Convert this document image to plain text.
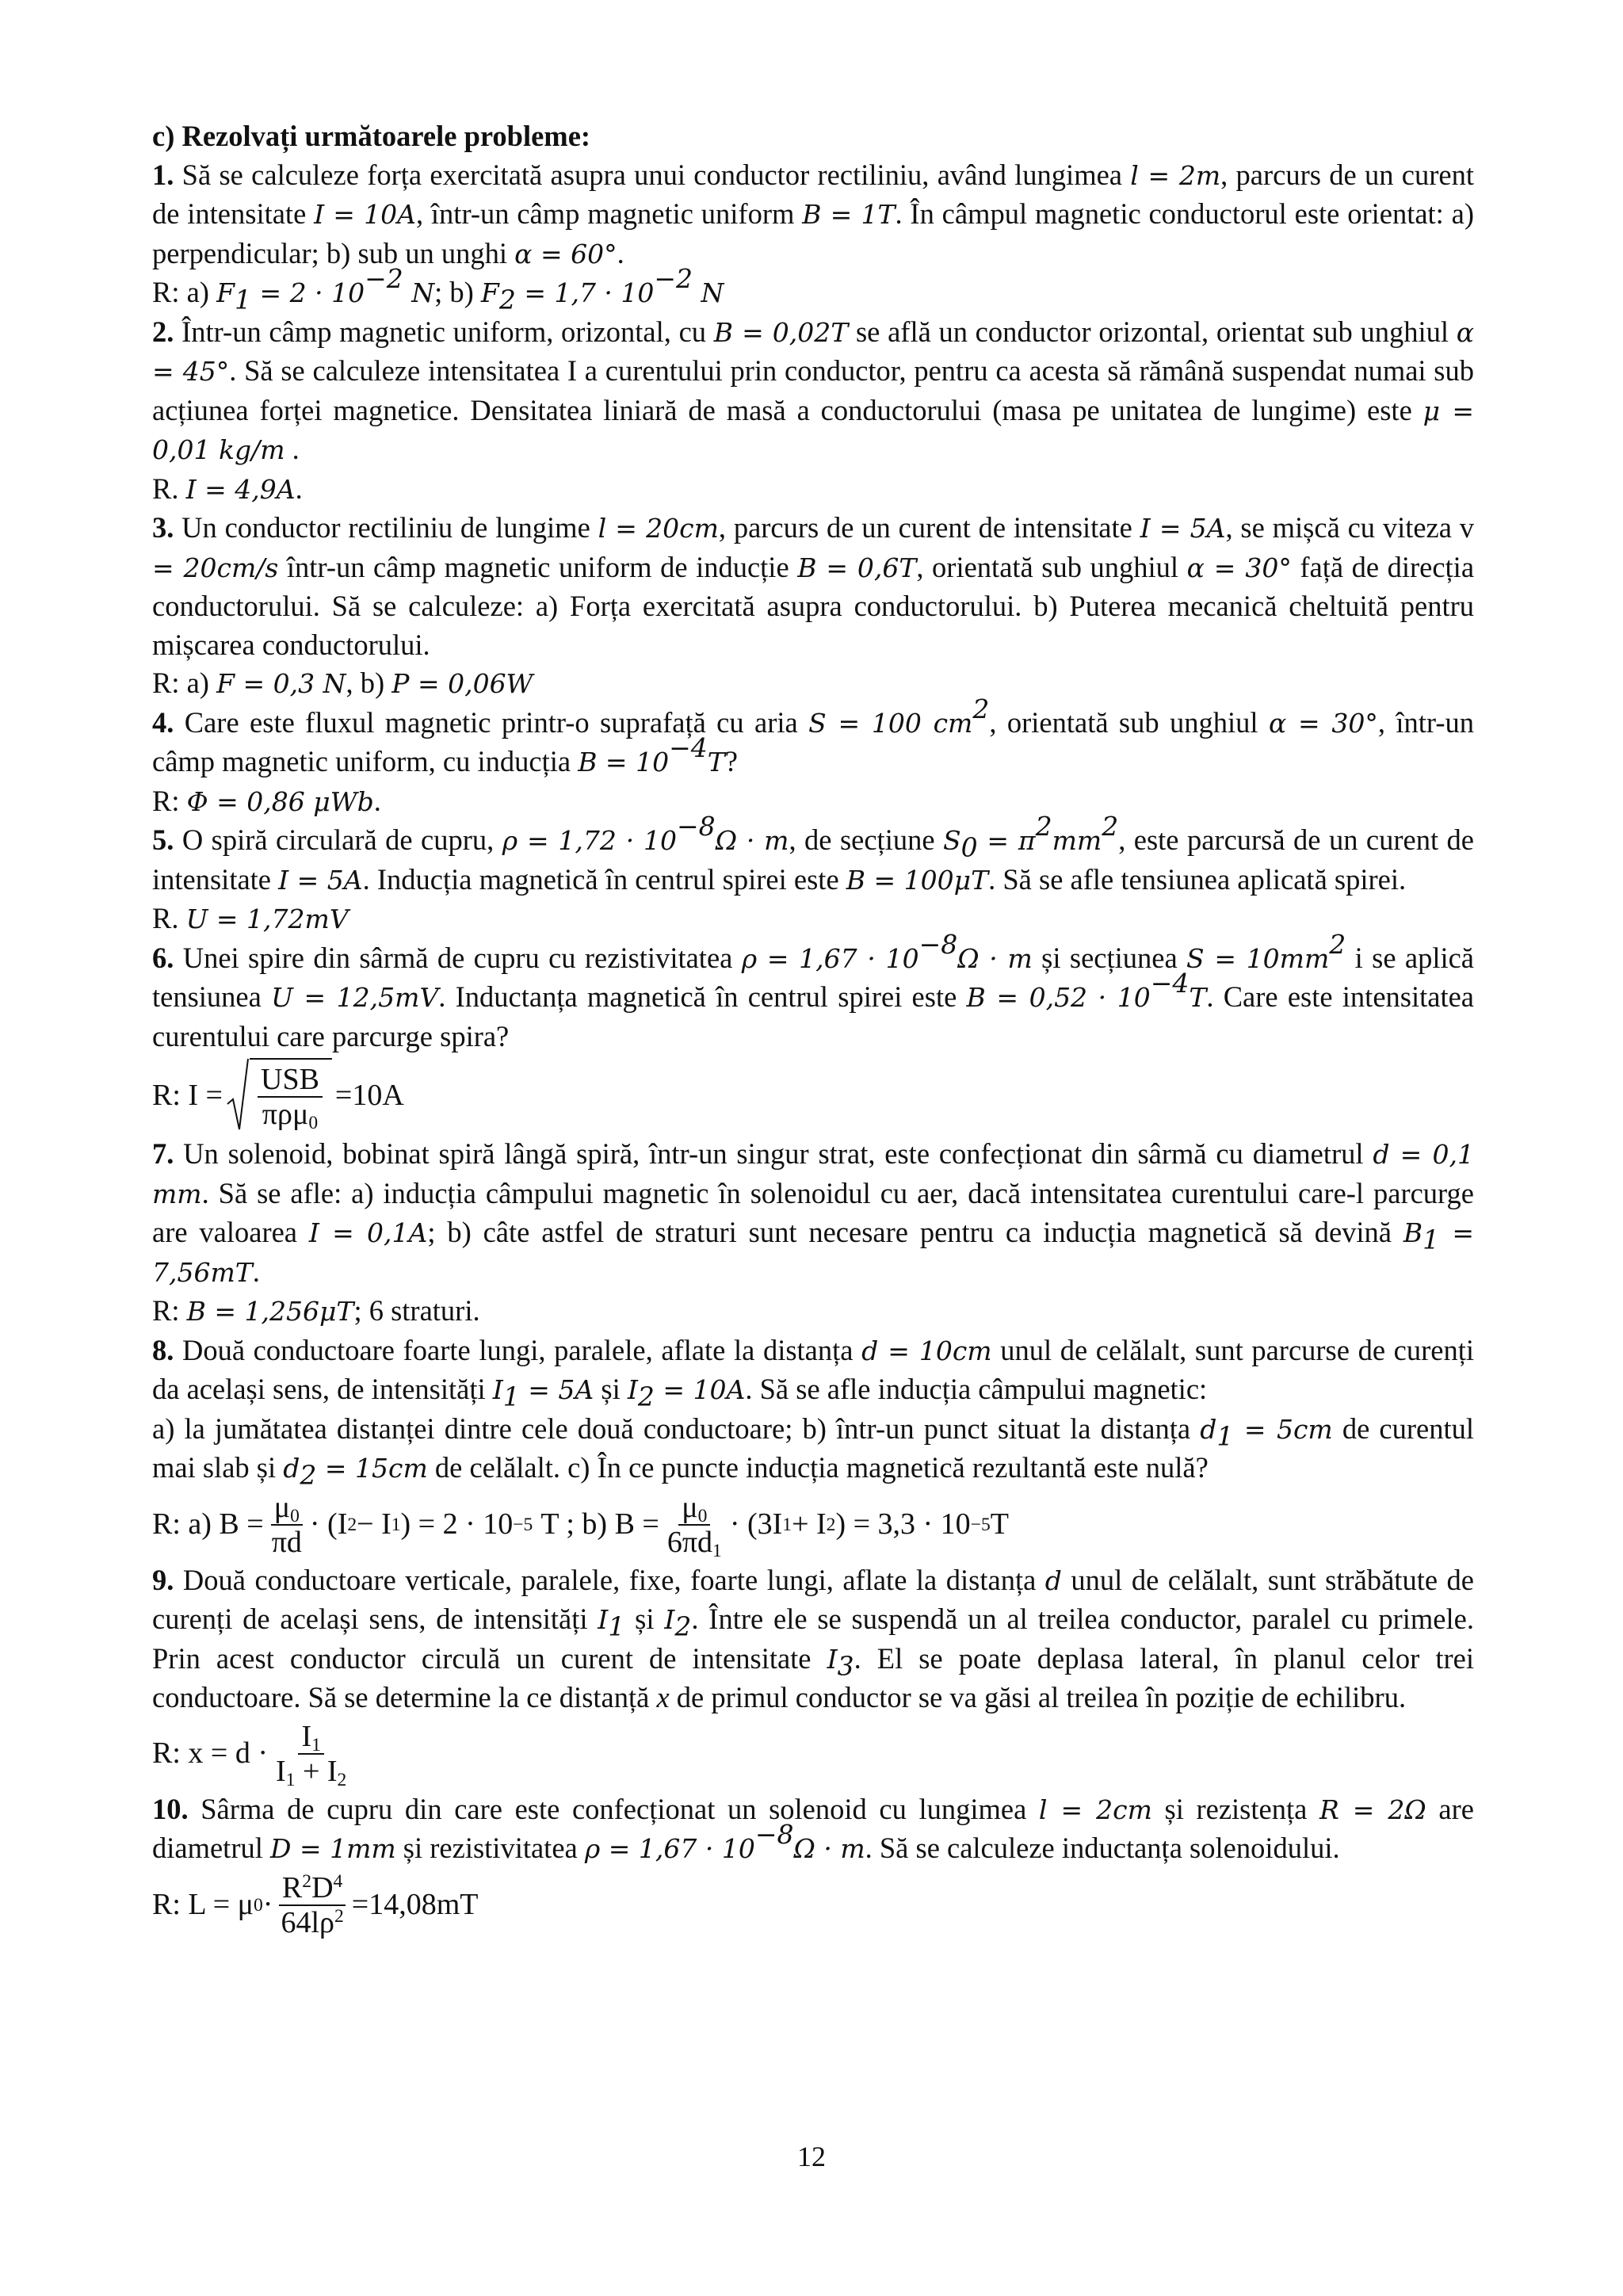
c) Rezolvați următoarele probleme:

1. Să se calculeze forța exercitată asupra unui conductor rectiliniu, având lungimea l = 2m, parcurs de un curent de intensitate I = 10A, într-un câmp magnetic uniform B = 1T. În câmpul magnetic conductorul este orientat: a) perpendicular; b) sub un unghi α = 60°.

R: a) $F_1 = 2 \cdot 10^{-2}$ N; b) $F_2 = 1,7 \cdot 10^{-2}$ N

2. Într-un câmp magnetic uniform, orizontal, cu B = 0,02T se află un conductor orizontal, orientat sub unghiul α = 45°. Să se calculeze intensitatea I a curentului prin conductor, pentru ca acesta să rămână suspendat numai sub acțiunea forței magnetice. Densitatea liniară de masă a conductorului (masa pe unitatea de lungime) este μ = 0,01 kg/m .

R. I = 4,9A.

3. Un conductor rectiliniu de lungime l = 20cm, parcurs de un curent de intensitate I = 5A, se mișcă cu viteza v = 20cm/s într-un câmp magnetic uniform de inducție B = 0,6T, orientată sub unghiul α = 30° față de direcția conductorului. Să se calculeze: a) Forța exercitată asupra conductorului. b) Puterea mecanică cheltuită pentru mișcarea conductorului.

R: a) F = 0,3 N, b) P = 0,06W

4. Care este fluxul magnetic printr-o suprafață cu aria S = 100 $cm^2$, orientată sub unghiul α = 30°, într-un câmp magnetic uniform, cu inducția $B = 10^{-4}T$?

R: Φ = 0,86 μWb.

5. O spiră circulară de cupru, $\rho = 1,72 \cdot 10^{-8}\Omega \cdot m$, de secțiune $S_0 = \pi^2mm^2$, este parcursă de un curent de intensitate I = 5A. Inducția magnetică în centrul spirei este B = 100μT. Să se afle tensiunea aplicată spirei.

R. U = 1,72mV

6. Unei spire din sârmă de cupru cu rezistivitatea $\rho = 1,67 \cdot 10^{-8}\Omega \cdot m$ și secțiunea $S = 10mm^2$ i se aplică tensiunea U = 12,5mV. Inductanța magnetică în centrul spirei este $B = 0,52 \cdot 10^{-4}T$. Care este intensitatea curentului care parcurge spira?

R: $I = \frac{\text{USB}}{\pi\rho\mu_0} =10A$

7. Un solenoid, bobinat spiră lângă spiră, într-un singur strat, este confecționat din sârmă cu diametrul d = 0,1 mm. Să se afle: a) inducția câmpului magnetic în solenoidul cu aer, dacă intensitatea curentului care-l parcurge are valoarea I = 0,1A; b) câte astfel de straturi sunt necesare pentru ca inducția magnetică să devină $B_1 = 7,56mT$.

R: B = 1,256μT; 6 straturi.

8. Două conductoare foarte lungi, paralele, aflate la distanța d = 10cm unul de celălalt, sunt parcurse de curenți da același sens, de intensități $I_1 = 5A$ și $I_2 = 10A$. Să se afle inducția câmpului magnetic:

a) la jumătatea distanței dintre cele două conductoare; b) într-un punct situat la distanța $d_1 = 5cm$ de curentul mai slab și $d_2 = 15cm$ de celălalt. c) În ce puncte inducția magnetică rezultantă este nulă?

R: a) $B = \frac{\mu_0}{\pi d} \cdot (I$ 2 − I 1 ) = 2 · 10 −5 T ; b) $B = \frac{\mu_0}{6\pi d_1} \cdot (3I$ 1 + I 2 ) = 3,3 · 10 −5 T

9. Două conductoare verticale, paralele, fixe, foarte lungi, aflate la distanța d unul de celălalt, sunt străbătute de curenți de același sens, de intensități $I_1$ și $I_2$. Între ele se suspendă un al treilea conductor, paralel cu primele. Prin acest conductor circulă un curent de intensitate $I_3$. El se poate deplasa lateral, în planul celor trei conductoare. Să se determine la ce distanță x de primul conductor se va găsi al treilea în poziție de echilibru.

R: $x = d \cdot \frac{I_1}{I_1 + I_2}$

10. Sârma de cupru din care este confecționat un solenoid cu lungimea l = 2cm și rezistența R = 2Ω are diametrul D = 1mm și rezistivitatea $\rho = 1,67 \cdot 10^{-8}\Omega \cdot m$. Să se calculeze inductanța solenoidului.

R: L = μ $0 \cdot \frac{R^2D^4}{64l\rho^2} =14,08mT$
12
